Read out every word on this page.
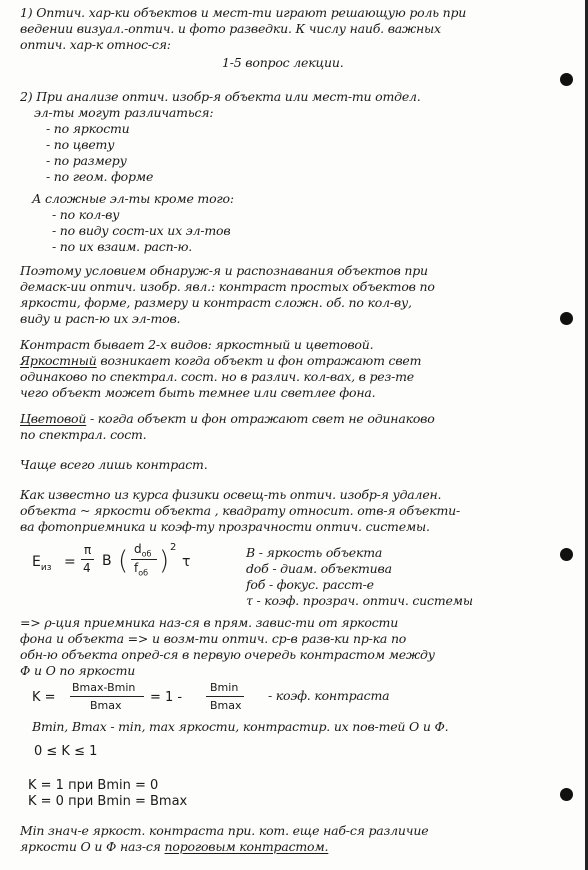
1) Оптич. хар-ки объектов и мест-ти играют решающую роль при
ведении визуал.-оптич. и фото разведки. К числу наиб. важных
оптич. хар-к относ-ся:
1-5 вопрос лекции.
2) При анализе оптич. изобр-я объекта или мест-ти отдел.
эл-ты могут различаться:
- по яркости
- по цвету
- по размеру
- по геом. форме
А сложные эл-ты кроме того:
- по кол-ву
- по виду сост-их их эл-тов
- по их взаим. расп-ю.
Поэтому условием обнаруж-я и распознавания объектов при
демаск-ии оптич. изобр. явл.: контраст простых объектов по
яркости, форме, размеру и контраст сложн. об. по кол-ву,
виду и расп-ю их эл-тов.
Контраст бывает 2-х видов: яркостный и цветовой.
Яркостный возникает когда объект и фон отражают свет
одинаково по спектрал. сост. но в различ. кол-вах, в рез-те
чего объект может быть темнее или светлее фона.
Цветовой - когда объект и фон отражают свет не одинаково
по спектрал. сост.
Чаще всего лишь контраст.
Как известно из курса физики освещ-ть оптич. изобр-я удален.
объекта ~ яркости объекта , квадрату относит. отв-я объекти-
ва фотоприемника и коэф-ту прозрачности оптич. системы.
$E_{из}$ =
π
4 B ( $d_{об}$
$f_{об}$ ) 2
τ
B - яркость объекта
dоб - диам. объектива
fоб - фокус. расст-е
τ - коэф. прозрач. оптич. системы
=> ρ-ция приемника наз-ся в прям. завис-ти от яркости
фона и объекта => и возм-ти оптич. ср-в разв-ки пр-ка по
обн-ю объекта опред-ся в первую очередь контрастом между
Ф и О по яркости
K =
Bmax-Bmin
Bmax
= 1 -
Bmin
Bmax
- коэф. контраста
Bmin, Bmax - min, max яркости, контрастир. их пов-тей О и Ф.
0 ≤ K ≤ 1
K = 1 при Bmin = 0
K = 0 при Bmin = Bmax
Min знач-е яркост. контраста при. кот. еще наб-ся различие
яркости О и Ф наз-ся пороговым контрастом.
